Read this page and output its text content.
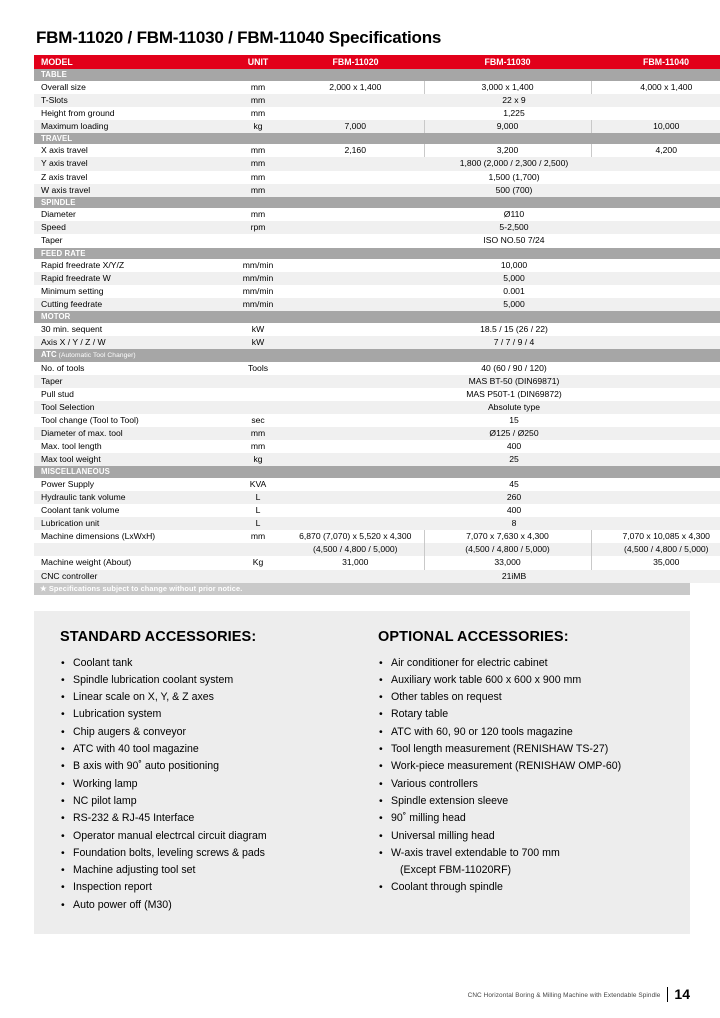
FBM-11020 / FBM-11030 / FBM-11040 Specifications
MODEL	UNIT	FBM-11020	FBM-11030	FBM-11040
TABLE				
Overall size	mm	2,000 x 1,400	3,000 x 1,400	4,000 x 1,400
T-Slots	mm	22 x 9		
Height from ground	mm	1,225		
Maximum loading	kg	7,000	9,000	10,000
TRAVEL				
X axis travel	mm	2,160	3,200	4,200
Y axis travel	mm	1,800 (2,000 / 2,300 / 2,500)		
Z axis travel	mm	1,500 (1,700)		
W axis travel	mm	500 (700)		
SPINDLE				
Diameter	mm	Ø110		
Speed	rpm	5-2,500		
Taper		ISO NO.50 7/24		
FEED RATE				
Rapid freedrate X/Y/Z	mm/min	10,000		
Rapid freedrate W	mm/min	5,000		
Minimum setting	mm/min	0.001		
Cutting feedrate	mm/min	5,000		
MOTOR				
30 min. sequent	kW	18.5 / 15 (26 / 22)		
Axis X / Y / Z / W	kW	7 / 7 / 9 / 4		
ATC (Automatic Tool Changer)				
No. of tools	Tools	40 (60 / 90 / 120)		
Taper		MAS BT-50 (DIN69871)		
Pull stud		MAS P50T-1 (DIN69872)		
Tool Selection		Absolute type		
Tool change (Tool to Tool)	sec	15		
Diameter of max. tool	mm	Ø125 / Ø250		
Max. tool length	mm	400		
Max tool weight	kg	25		
MISCELLANEOUS				
Power Supply	KVA	45		
Hydraulic tank volume	L	260		
Coolant tank volume	L	400		
Lubrication unit	L	8		
Machine dimensions (LxWxH)	mm	6,870 (7,070) x 5,520 x 4,300	7,070 x 7,630 x 4,300	7,070 x 10,085 x 4,300
		(4,500 / 4,800 / 5,000)	(4,500 / 4,800 / 5,000)	(4,500 / 4,800 / 5,000)
Machine weight (About)	Kg	31,000	33,000	35,000
CNC controller		21iMB		
★ Specifications subject to change without prior notice.
STANDARD ACCESSORIES:
• Coolant tank
• Spindle lubrication coolant system
• Linear scale on X, Y, & Z axes
• Lubrication system
• Chip augers & conveyor
• ATC with 40 tool magazine
• B axis with 90˚ auto positioning
• Working lamp
• NC pilot lamp
• RS-232 & RJ-45 Interface
• Operator manual electrcal circuit diagram
• Foundation bolts, leveling screws & pads
• Machine adjusting tool set
• Inspection report
• Auto power off (M30)
OPTIONAL ACCESSORIES:
• Air conditioner for electric cabinet
• Auxiliary work table 600 x 600 x 900 mm
• Other tables on request
• Rotary table
• ATC with 60, 90 or 120 tools magazine
• Tool length measurement (RENISHAW TS-27)
• Work-piece measurement (RENISHAW OMP-60)
• Various controllers
• Spindle extension sleeve
• 90˚ milling head
• Universal milling head
• W-axis travel extendable to 700 mm
(Except FBM-11020RF)
• Coolant through spindle
CNC Horizontal Boring & Milling Machine with Extendable Spindle	14
